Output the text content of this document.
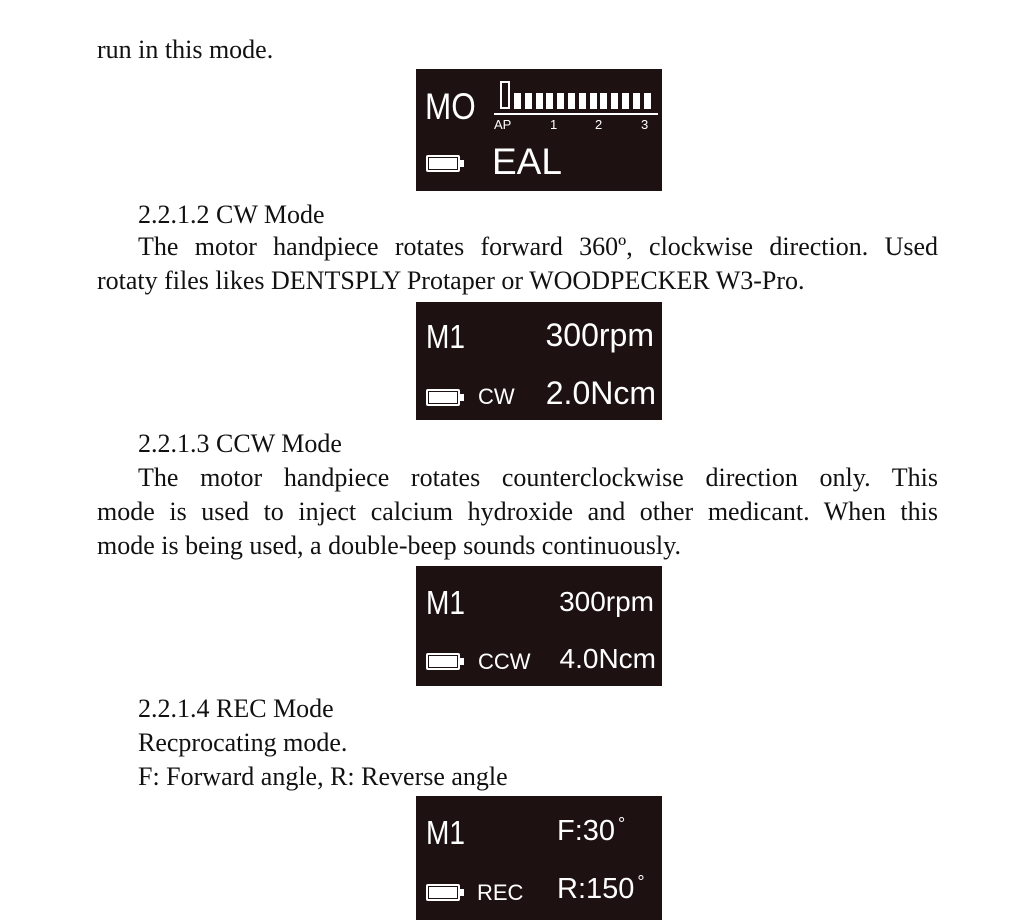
run in this mode.
MO AP	1	2	3
EAL
2.2.1.2 CW Mode
The motor handpiece rotates forward 360º, clockwise direction. Used
rotaty files likes DENTSPLY Protaper or WOODPECKER W3-Pro.
M1	300rpm
CW 2.0Ncm
2.2.1.3 CCW Mode
The motor handpiece rotates counterclockwise direction only. This
mode is used to inject calcium hydroxide and other medicant. When this
mode is being used, a double-beep sounds continuously.
M1	300rpm
CCW 4.0Ncm
2.2.1.4 REC Mode
Recprocating mode.
F: Forward angle, R: Reverse angle
M1	F:30 °
REC R:150 °
